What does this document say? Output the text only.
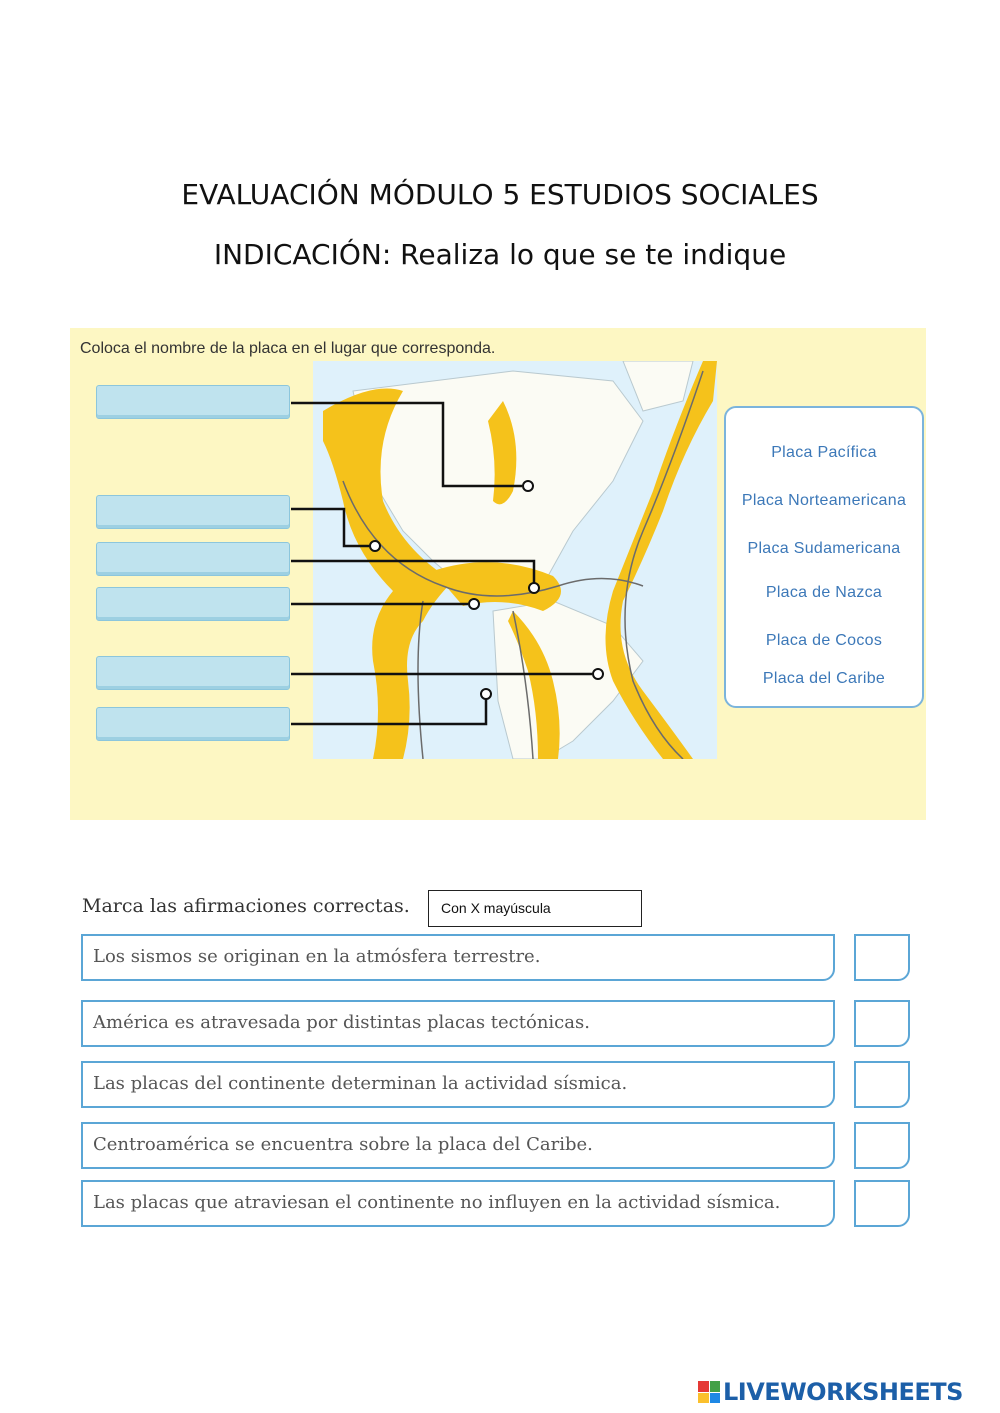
EVALUACIÓN MÓDULO 5 ESTUDIOS SOCIALES
INDICACIÓN: Realiza lo que se te indique
Coloca el nombre de la placa en el lugar que corresponda.
Placa Pacífica
Placa Norteamericana
Placa Sudamericana
Placa de Nazca
Placa de Cocos
Placa del Caribe
Marca las afirmaciones correctas. Con X mayúscula
Los sismos se originan en la atmósfera terrestre.
América es atravesada por distintas placas tectónicas.
Las placas del continente determinan la actividad sísmica.
Centroamérica se encuentra sobre la placa del Caribe.
Las placas que atraviesan el continente no influyen en la actividad sísmica.
LIVEWORKSHEETS
